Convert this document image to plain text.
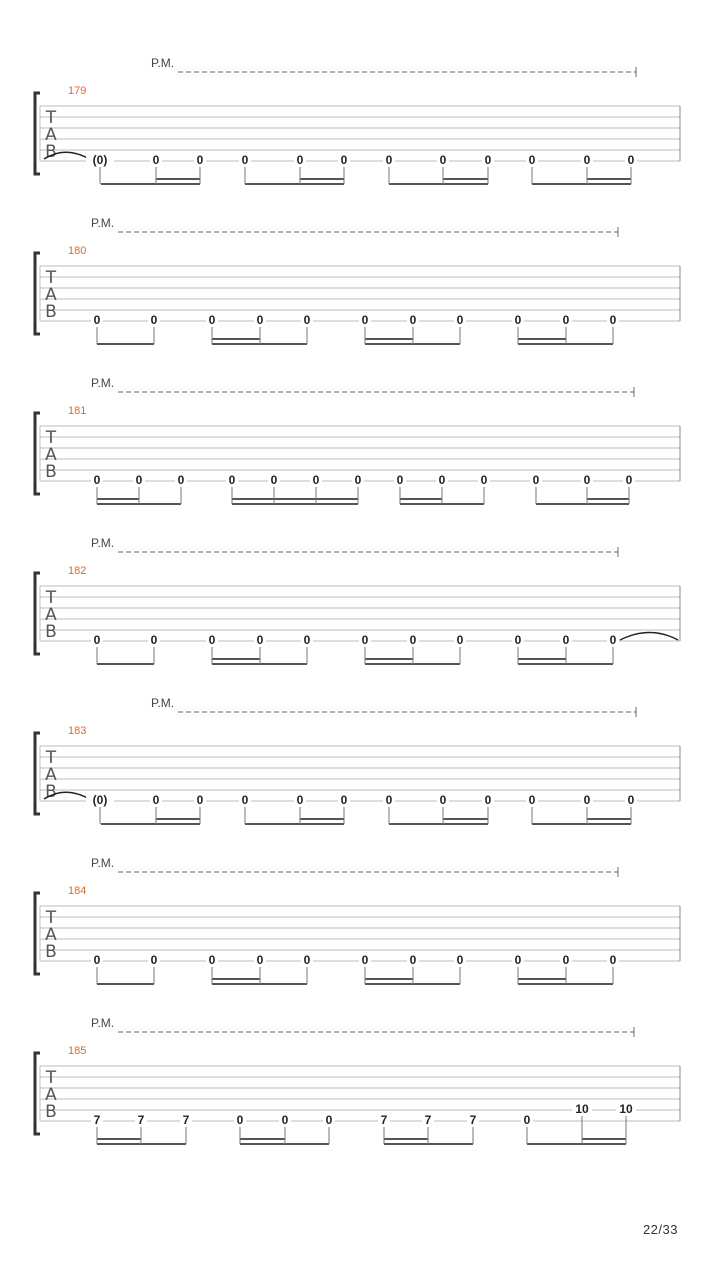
P.M.
179
T
A
B	(0)	0	0	0	0	0	0	0	0	0	0	0
P.M.
180
T
A
B	0	0	0	0	0	0	0	0	0	0	0
P.M.
181
T
A
B	0	0	0	0	0	0	0	0	0	0	0	0	0
P.M.
182
T
A
B	0	0	0	0	0	0	0	0	0	0	0
P.M.
183
T
A
B	(0)	0	0	0	0	0	0	0	0	0	0	0
P.M.
184
T
A
B	0	0	0	0	0	0	0	0	0	0	0
P.M.
185
T
A
B	7	7	7	0	0	0	7	7	7	0
10	10
22/33
